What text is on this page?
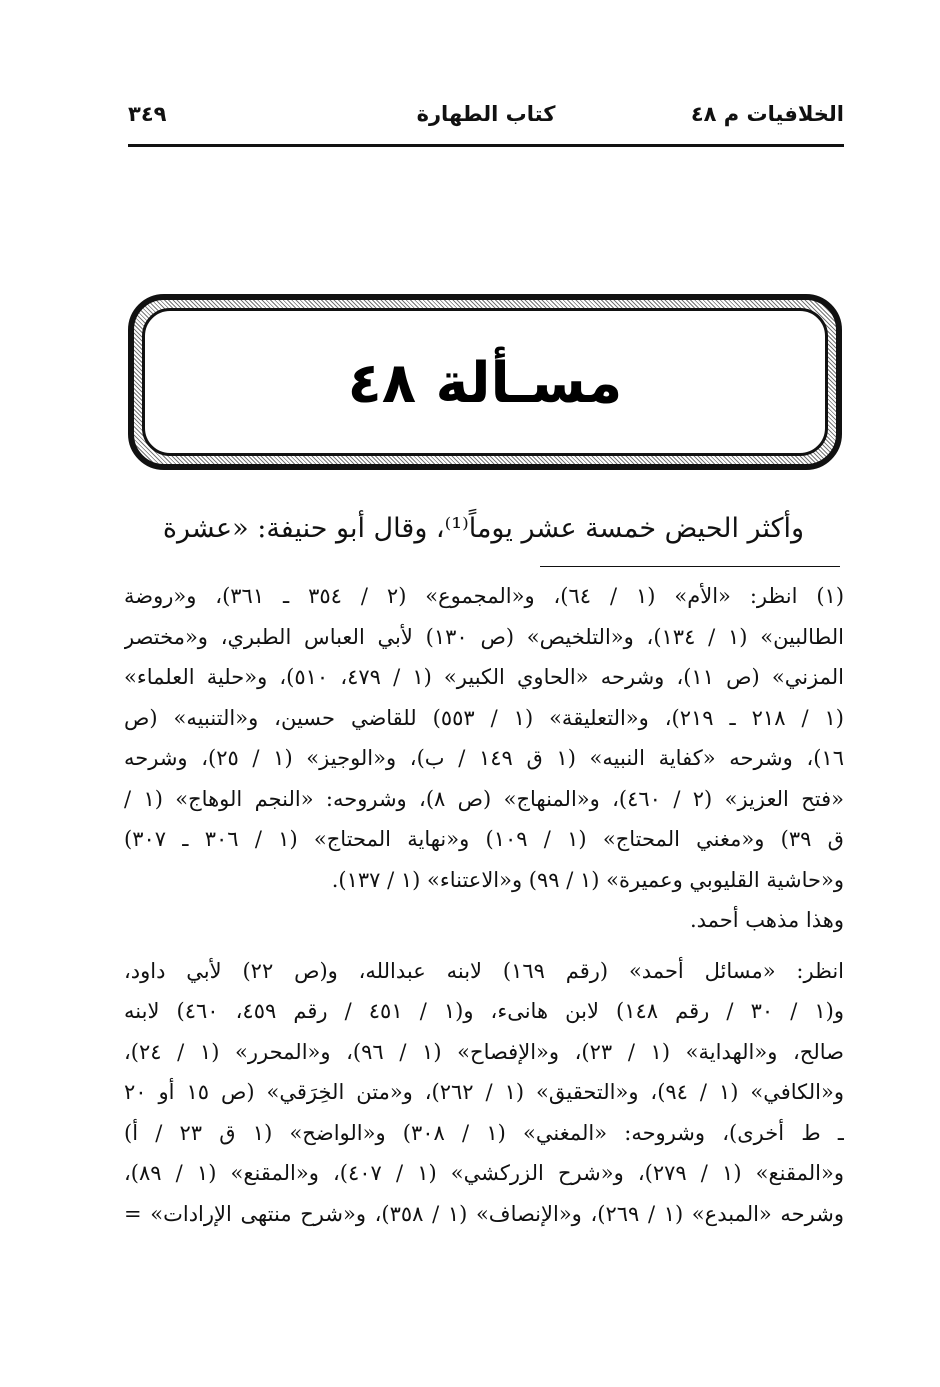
الخلافيات م ٤٨
كتاب الطهارة
٣٤٩
مسـألة ٤٨
وأكثر الحيض خمسة عشر يوماً⁽¹⁾، وقال أبو حنيفة: «عشرة
(١) انظر: «الأم» (١ / ٦٤)، و«المجموع» (٢ / ٣٥٤ ـ ٣٦١)، و«روضة
الطالبين» (١ / ١٣٤)، و«التلخيص» (ص ١٣٠) لأبي العباس الطبري، و«مختصر
المزني» (ص ١١)، وشرحه «الحاوي الكبير» (١ / ٤٧٩، ٥١٠)، و«حلية العلماء»
(١ / ٢١٨ ـ ٢١٩)، و«التعليقة» (١ / ٥٥٣) للقاضي حسين، و«التنبيه» (ص
١٦)، وشرحه «كفاية النبيه» (١ ق ١٤٩ / ب)، و«الوجيز» (١ / ٢٥)، وشرحه
«فتح العزيز» (٢ / ٤٦٠)، و«المنهاج» (ص ٨)، وشروحه: «النجم الوهاج» (١ /
ق ٣٩) و«مغني المحتاج» (١ / ١٠٩) و«نهاية المحتاج» (١ / ٣٠٦ ـ ٣٠٧)
و«حاشية القليوبي وعميرة» (١ / ٩٩) و«الاعتناء» (١ / ١٣٧).
وهذا مذهب أحمد.
انظر: «مسائل أحمد» (رقم ١٦٩) لابنه عبدالله، و(ص ٢٢) لأبي داود،
و(١ / ٣٠ / رقم ١٤٨) لابن هانىء، و(١ / ٤٥١ / رقم ٤٥٩، ٤٦٠) لابنه
صالح، و«الهداية» (١ / ٢٣)، و«الإفصاح» (١ / ٩٦)، و«المحرر» (١ / ٢٤)،
و«الكافي» (١ / ٩٤)، و«التحقيق» (١ / ٢٦٢)، و«متن الخِرَقي» (ص ١٥ أو ٢٠
ـ ط أخرى)، وشروحه: «المغني» (١ / ٣٠٨) و«الواضح» (١ ق ٢٣ / أ)
و«المقنع» (١ / ٢٧٩)، و«شرح الزركشي» (١ / ٤٠٧)، و«المقنع» (١ / ٨٩)،
وشرحه «المبدع» (١ / ٢٦٩)، و«الإنصاف» (١ / ٣٥٨)، و«شرح منتهى الإرادات» =
